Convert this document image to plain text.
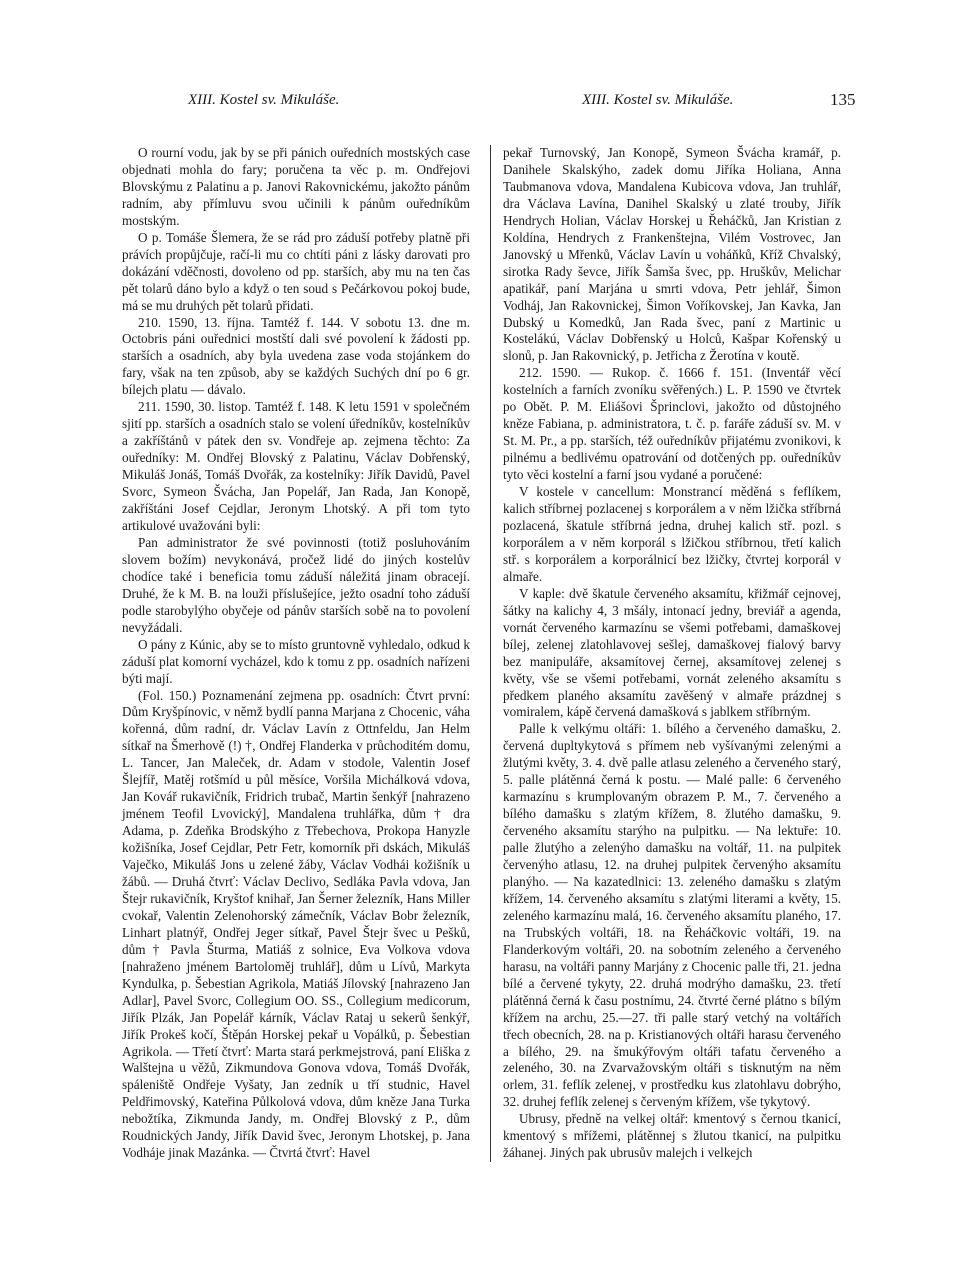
XIII. Kostel sv. Mikuláše.	XIII. Kostel sv. Mikuláše.	135

O rourní vodu, jak by se při pánich ouředních mostských case objednati mohla do fary; poručena ta věc p. m. Ondřejovi Blovskýmu z Palatinu a p. Janovi Rakovnickému, jakožto pánům radním, aby přímluvu svou učinili k pánům ouředníkům mostským.

O p. Tomáše Šlemera, že se rád pro záduší potřeby platně při právích propůjčuje, račí-li mu co chtíti páni z lásky darovati pro dokázání vděčnosti, dovoleno od pp. starších, aby mu na ten čas pět tolarů dáno bylo a když o ten soud s Pečárkovou pokoj bude, má se mu druhých pět tolarů přidati.

210. 1590, 13. října. Tamtéž f. 144. V sobotu 13. dne m. Octobris páni ouřednici mostští dali své povolení k žádosti pp. starších a osadních, aby byla uvedena zase voda stojánkem do fary, však na ten způsob, aby se každých Suchých dní po 6 gr. bílejch platu — dávalo.

211. 1590, 30. listop. Tamtéž f. 148. K letu 1591 v společném sjití pp. starších a osadních stalo se volení úředníkův, kostelníkův a zakříštánů v pátek den sv. Vondřeje ap. zejmena těchto: Za ouředníky: M. Ondřej Blovský z Palatinu, Václav Dobřenský, Mikuláš Jonáš, Tomáš Dvořák, za kostelníky: Jiřík Davidů, Pavel Svorc, Symeon Švácha, Jan Popelář, Jan Rada, Jan Konopě, zakříštáni Josef Cejdlar, Jeronym Lhotský. A při tom tyto artikulové uvažováni byli:

Pan administrator že své povinnosti (totiž posluhováním slovem božím) nevykonává, pročež lidé do jiných kostelův chodíce také i beneficia tomu záduší náležitá jinam obracejí. Druhé, že k M. B. na louži příslušejíce, ježto osadní toho záduší podle starobylýho obyčeje od pánův starších sobě na to povolení nevyžádali.

O pány z Kúnic, aby se to místo gruntovně vyhledalo, odkud k záduší plat komorní vycházel, kdo k tomu z pp. osadních nařízeni býti mají.

(Fol. 150.) Poznamenání zejmena pp. osadních: Čtvrt první: Dům Kryšpínovic, v němž bydlí panna Marjana z Chocenic, váha kořenná, dům radní, dr. Václav Lavín z Ottnfeldu, Jan Helm sítkař na Šmerhově (!) †, Ondřej Flanderka v průchoditém domu, L. Tancer, Jan Maleček, dr. Adam v stodole, Valentin Josef Šlejfíř, Matěj rotšmíd u půl měsíce, Voršila Michálková vdova, Jan Kovář rukavičník, Fridrich trubač, Martin šenkýř [nahrazeno jménem Teofil Lvovický], Mandalena truhlářka, dům † dra Adama, p. Zdeňka Brodskýho z Třebechova, Prokopa Hanyzle kožišníka, Josef Cejdlar, Petr Fetr, komorník při dskách, Mikuláš Vaječko, Mikuláš Jons u zelené žáby, Václav Vodhái kožišník u žábů. — Druhá čtvrť: Václav Declivo, Sedlákа Pavla vdova, Jan Štejr rukavičník, Kryštof knihař, Jan Šerner železník, Hans Miller cvokař, Valentin Zelenohorský zámečník, Václav Bobr železník, Linhart platnýř, Ondřej Jeger sítkař, Pavel Štejr švec u Pešků, dům † Pavla Šturma, Matiáš z solnice, Eva Volkova vdova [nahraženo jménem Bartoloměj truhlář], dům u Lívů, Markyta Kyndulka, p. Šebestian Agrikola, Matiáš Jílovský [nahrazeno Jan Adlar], Pavel Svorc, Collegium OO. SS., Collegium medicorum, Jiřík Plzák, Jan Popelář kárník, Václav Rataj u sekerů šenkýř, Jiřík Prokeš kočí, Štěpán Horskej pekař u Vopálků, p. Šebestian Agrikola. — Třetí čtvrť: Marta stará perkmejstrová, paní Eliška z Walštejna u věžů, Zikmundova Gonova vdova, Tomáš Dvořák, spáleniště Ondřeje Vyšaty, Jan zedník u tří studnic, Havel Peldřimovský, Kateřina Půlkolová vdova, dům kněze Jana Turka nebožtíka, Zikmunda Jandy, m. Ondřej Blovský z P., dům Roudnických Jandy, Jiřík David švec, Jeronym Lhotskej, p. Jana Vodháje jinak Mazánka. — Čtvrtá čtvrť: Havel

pekař Turnovský, Jan Konopě, Symeon Švácha kramář, p. Danihele Skalskýho, zadek domu Jiříka Holiana, Anna Taubmanova vdova, Mandalena Kubicova vdova, Jan truhlář, dra Václava Lavína, Danihel Skalský u zlaté trouby, Jiřík Hendrych Holian, Václav Horskej u Řeháčků, Jan Kristian z Koldína, Hendrych z Frankenštejna, Vilém Vostrovec, Jan Janovský u Mřenků, Václav Lavín u voháňků, Kříž Chvalský, sirotka Rady ševce, Jiřík Šamša švec, pp. Hruškův, Melichar apatikář, paní Marjána u smrti vdova, Petr jehlář, Šimon Vodháj, Jan Rakovnickej, Šimon Voříkovskej, Jan Kavka, Jan Dubský u Komedků, Jan Rada švec, paní z Martinic u Kostelákú, Václav Dobřenský u Holců, Kašpar Kořenský u slonů, p. Jan Rakovnický, p. Jetřicha z Žerotína v koutě.

212. 1590. — Rukop. č. 1666 f. 151. (Inventář věcí kostelních a farních zvoníku svěřených.) L. P. 1590 ve čtvrtek po Obět. P. M. Eliášovi Šprinclovi, jakožto od důstojného kněze Fabiana, p. administratora, t. č. p. faráře záduší sv. M. v St. M. Pr., a pp. starších, též ouředníkův přijatému zvonikovi, k pilnému a bedlivému opatrování od dotčených pp. ouředníkův tyto věci kostelní a farní jsou vydané a poručené:

V kostele v cancellum: Monstrancí měděná s feflíkem, kalich stříbrnej pozlacenej s korporálem a v něm lžička stříbrná pozlacená, škatule stříbrná jedna, druhej kalich stř. pozl. s korporálem a v něm korporál s lžičkou stříbrnou, třetí kalich stř. s korporálem a korporálnicí bez lžičky, čtvrtej korporál v almaře.

V kaple: dvě škatule červeného aksamítu, křižmář cejnovej, šátky na kalichy 4, 3 mšály, intonací jedny, breviář a agenda, vornát červeného karmazínu se všemi potřebami, damaškovej bílej, zelenej zlatohlavovej sešlej, damaškovej fialový barvy bez manipuláře, aksamítovej černej, aksamítovej zelenej s květy, vše se všemi potřebami, vornát zeleného aksamítu s předkem planého aksamítu zavěšený v almaře prázdnej s vomiralem, kápě červená damašková s jablkem stříbrným.

Palle k velkýmu oltáři: 1. bílého a červeného damašku, 2. červená dupltykytová s přímem neb vyšívanými zelenými a žlutými květy, 3. 4. dvě palle atlasu zeleného a červeného starý, 5. palle plátěnná černá k postu. — Malé palle: 6 červeného karmazínu s krumplovaným obrazem P. M., 7. červeného a bílého damašku s zlatým křížem, 8. žlutého damašku, 9. červeného aksamítu starýho na pulpitku. — Na lektuře: 10. palle žlutýho a zelenýho damašku na voltář, 11. na pulpitek červenýho atlasu, 12. na druhej pulpitek červenýho aksamítu planýho. — Na kazatedlnici: 13. zeleného damašku s zlatým křížem, 14. červeného aksamítu s zlatými literami a květy, 15. zeleného karmazínu malá, 16. červeného aksamítu planého, 17. na Trubských voltáři, 18. na Řeháčkovic voltáři, 19. na Flanderkovým voltáři, 20. na sobotním zeleného a červeného harasu, na voltáři panny Marjány z Chocenic palle tři, 21. jedna bílé a červené tykyty, 22. druhá modrýho damašku, 23. třetí plátěnná černá k času postnímu, 24. čtvrté černé plátno s bílým křížem na archu, 25.—27. tři palle starý vetchý na voltářích třech obecních, 28. na p. Kristianových oltáři harasu červeného a bílého, 29. na šmukýřovým oltáři tafatu červeného a zeleného, 30. na Zvarvažovským oltáři s tisknutým na něm orlem, 31. feflík zelenej, v prostředku kus zlatohlavu dobrýho, 32. druhej feflík zelenej s červeným křížem, vše tykytový.

Ubrusy, předně na velkej oltář: kmentový s černou tkanicí, kmentový s mřížemi, plátěnnej s žlutou tkanicí, na pulpitku žáhanej. Jiných pak ubrusův malejch i velkejch
